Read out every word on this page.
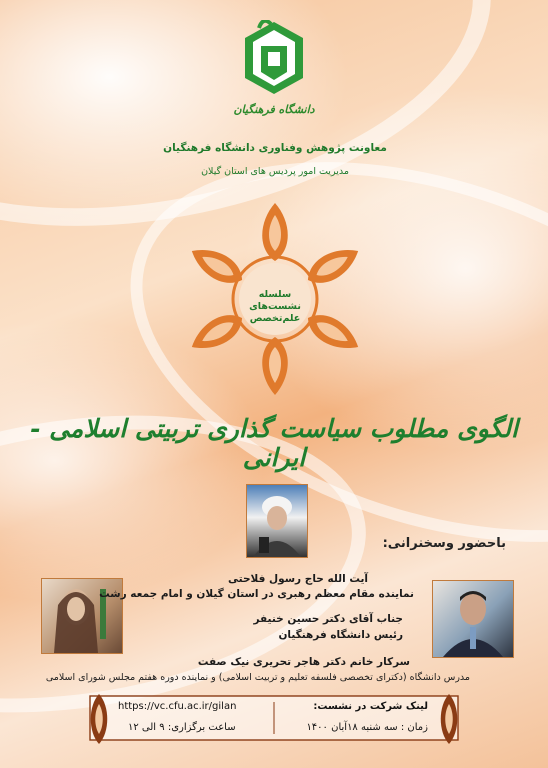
دانشگاه فرهنگیان
معاونت پژوهش وفناوری دانشگاه فرهنگیان
مدیریت امور پردیس های استان گیلان
سلسله
نشست‌های
علم‌تخصص
الگوی مطلوب سیاست گذاری تربیتی اسلامی - ایرانی
باحضور وسخنرانی:
آیت الله حاج رسول فلاحتی
نماینده مقام معظم رهبری در استان گیلان و امام جمعه رشت
جناب آقای دکتر حسین خنیفر
رئیس دانشگاه فرهنگیان
سرکار خانم دکتر هاجر تحریری نیک صفت
مدرس دانشگاه (دکترای تخصصی فلسفه تعلیم و تربیت اسلامی) و نماینده دوره هفتم مجلس شورای اسلامی
لینک شرکت در نشست:
https://vc.cfu.ac.ir/gilan
زمان : سه شنبه ۱۸آبان ۱۴۰۰
ساعت برگزاری: ۹ الی ۱۲
